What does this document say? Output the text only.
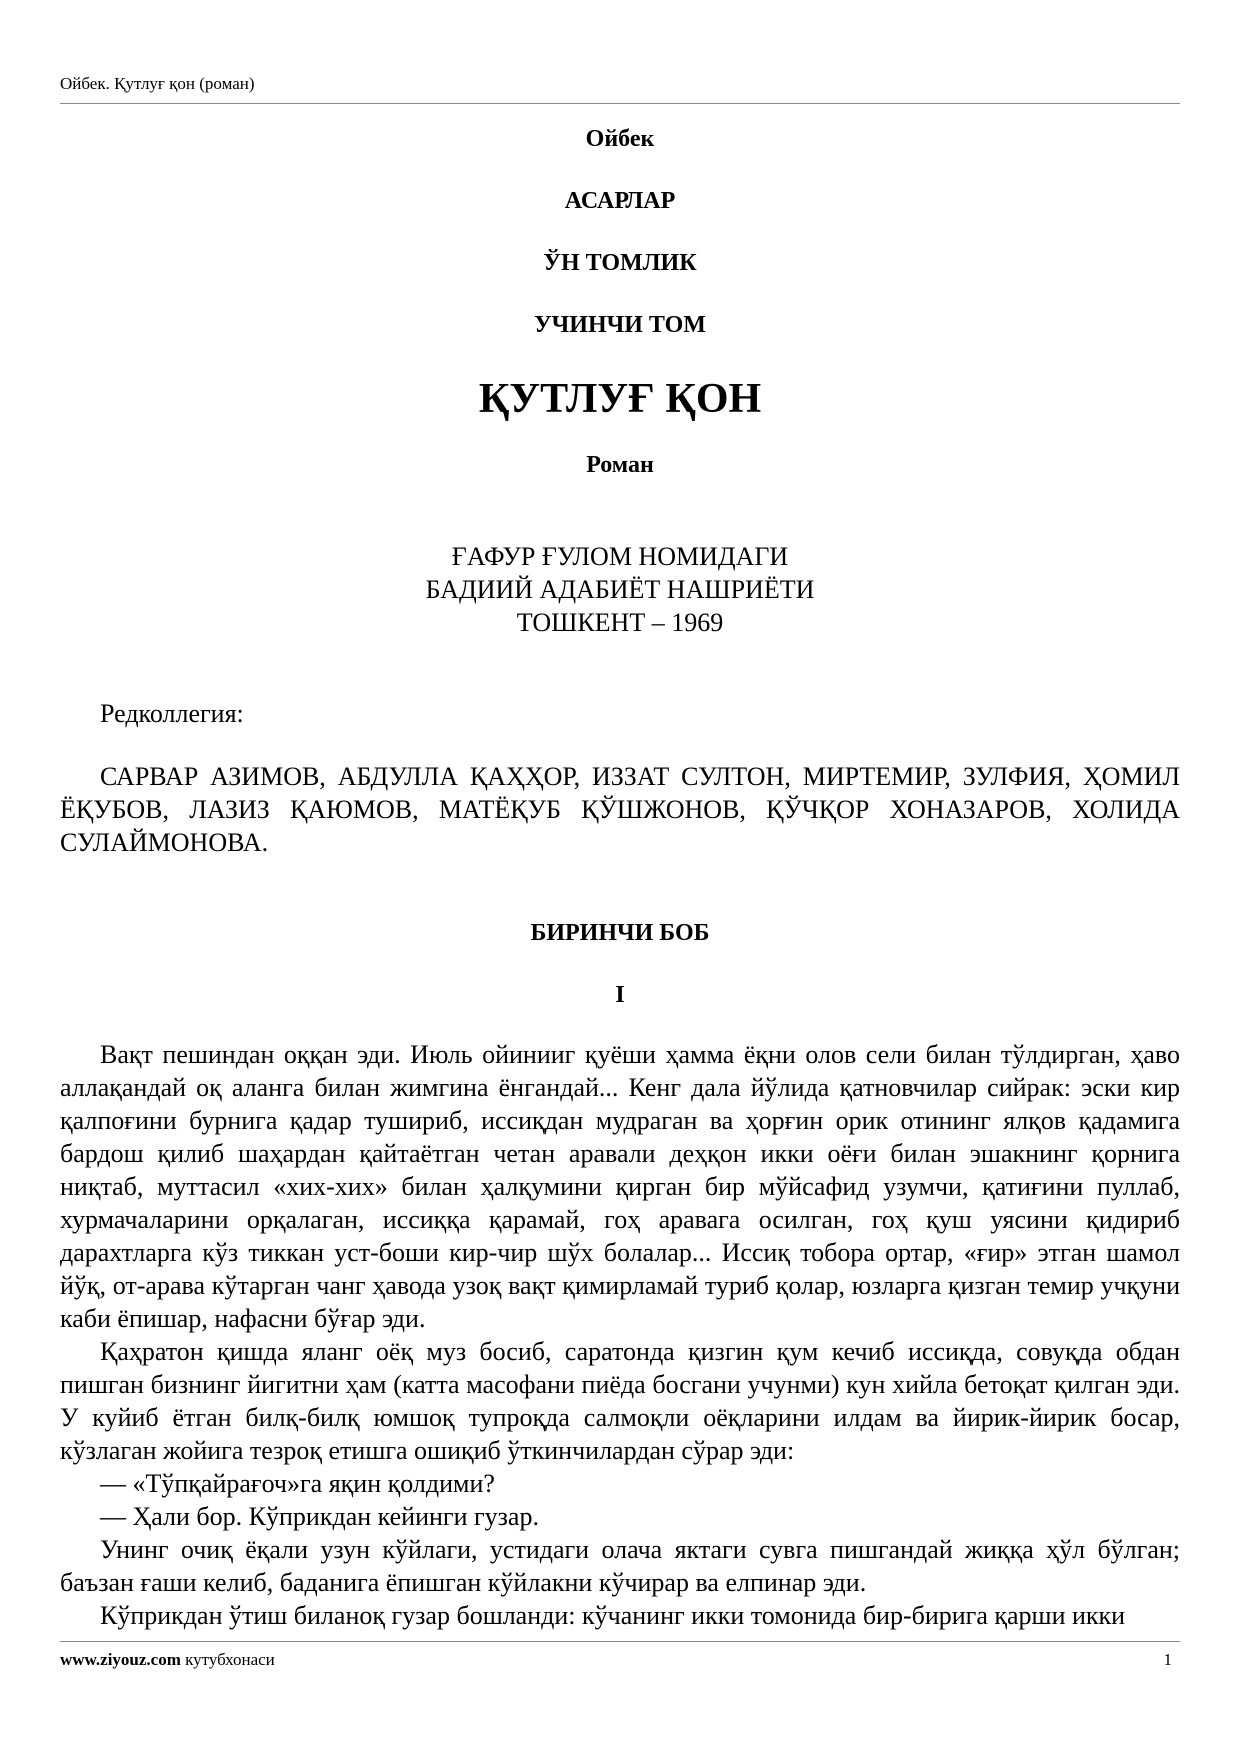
Ойбек. Қутлуғ қон (роман)
Ойбек
АСАРЛАР
ЎН ТОМЛИК
УЧИНЧИ ТОМ
ҚУТЛУҒ ҚОН
Роман
ҒАФУР ҒУЛОМ НОМИДАГИ
БАДИИЙ АДАБИЁТ НАШРИЁТИ
ТОШКЕНТ – 1969

Редколлегия:

САРВАР АЗИМОВ, АБДУЛЛА ҚАҲҲОР, ИЗЗАТ СУЛТОН, МИРТЕМИР, ЗУЛФИЯ, ҲОМИЛ ЁҚУБОВ, ЛАЗИЗ ҚАЮМОВ, МАТЁҚУБ ҚЎШЖОНОВ, ҚЎЧҚОР ХОНАЗАРОВ, ХОЛИДА СУЛАЙМОНОВА.

БИРИНЧИ БОБ
I

Вақт пешиндан оққан эди. Июль ойинииг қуёши ҳамма ёқни олов сели билан тўлдирган, ҳаво аллақандай оқ аланга билан жимгина ёнгандай... Кенг дала йўлида қатновчилар сийрак: эски кир қалпоғини бурнига қадар тушириб, иссиқдан мудраган ва ҳорғин орик отининг ялқов қадамига бардош қилиб шаҳардан қайтаётган четан аравали деҳқон икки оёғи билан эшакнинг қорнига ниқтаб, муттасил «хих-хих» билан ҳалқумини қирган бир мўйсафид узумчи, қатиғини пуллаб, хурмачаларини орқалаган, иссиққа қарамай, гоҳ аравага осилган, гоҳ қуш уясини қидириб дарахтларга кўз тиккан уст-боши кир-чир шўх болалар... Иссиқ тобора ортар, «ғир» этган шамол йўқ, от-арава кўтарган чанг ҳавода узоқ вақт қимирламай туриб қолар, юзларга қизган темир учқуни каби ёпишар, нафасни бўғар эди.

Қаҳратон қишда яланг оёқ муз босиб, саратонда қизгин қум кечиб иссиқда, совуқда обдан пишган бизнинг йигитни ҳам (катта масофани пиёда босгани учунми) кун хийла бетоқат қилган эди. У куйиб ётган билқ-билқ юмшоқ тупроқда салмоқли оёқларини илдам ва йирик-йирик босар, кўзлаган жойига тезроқ етишга ошиқиб ўткинчилардан сўрар эди:

— «Тўпқайрағоч»га яқин қолдими?

— Ҳали бор. Кўприкдан кейинги гузар.

Унинг очиқ ёқали узун кўйлаги, устидаги олача яктаги сувга пишгандай жиққа ҳўл бўлган; баъзан ғаши келиб, баданига ёпишган кўйлакни кўчирар ва елпинар эди.

Кўприкдан ўтиш биланоқ гузар бошланди: кўчанинг икки томонида бир-бирига қарши икки

www.ziyouz.com кутубхонаси	1
